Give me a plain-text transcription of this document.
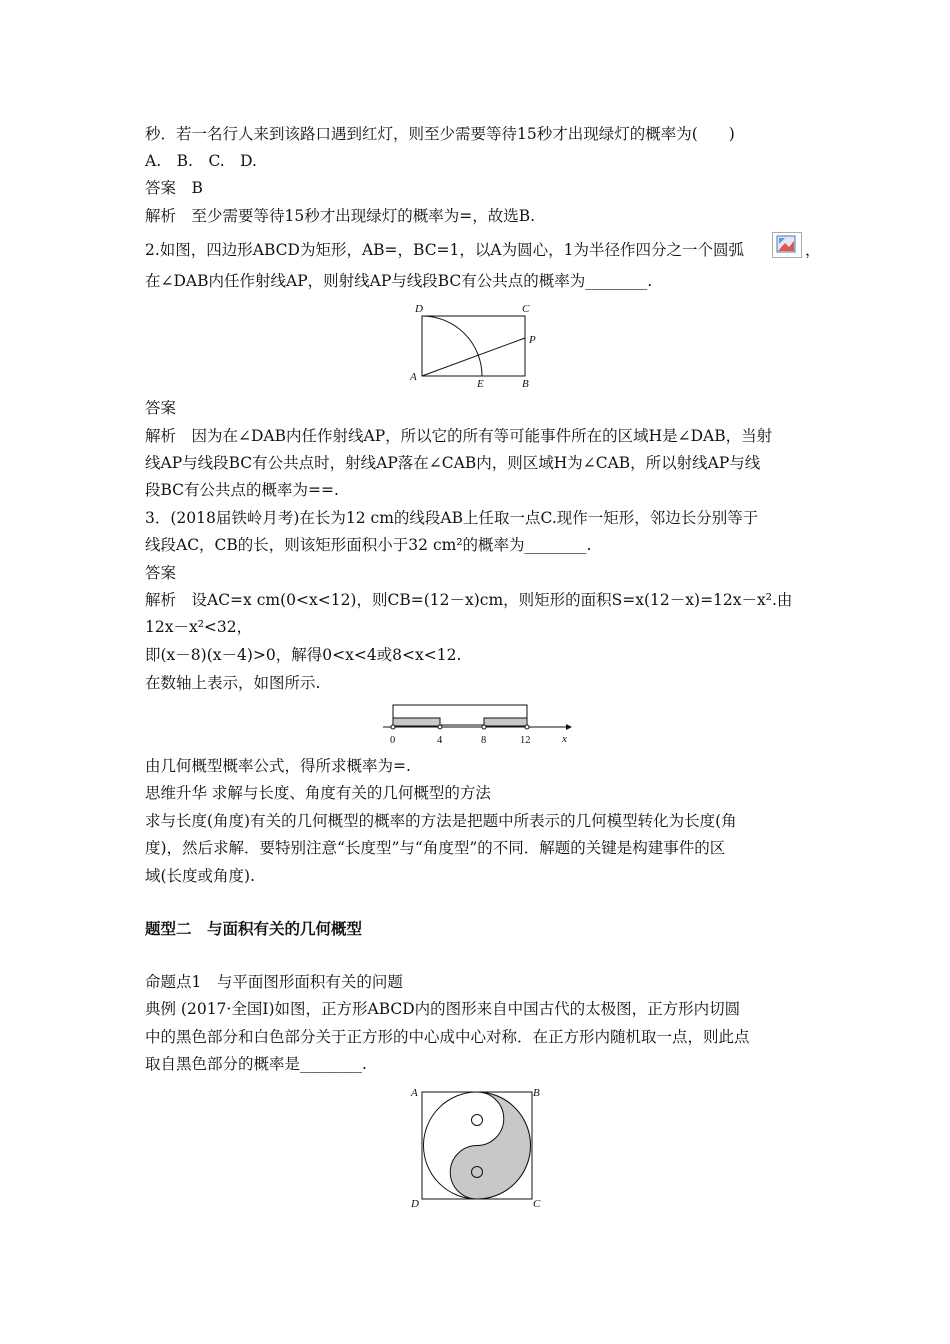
秒．若一名行人来到该路口遇到红灯，则至少需要等待15秒才出现绿灯的概率为(　　)
A.　B.　C.　D.
答案　B
解析　至少需要等待15秒才出现绿灯的概率为=，故选B.
2.如图，四边形ABCD为矩形，AB=，BC=1，以A为圆心，1为半径作四分之一个圆弧	，
在∠DAB内任作射线AP，则射线AP与线段BC有公共点的概率为________.
D	C
P
A
E	B
答案
解析　因为在∠DAB内任作射线AP，所以它的所有等可能事件所在的区域H是∠DAB，当射
线AP与线段BC有公共点时，射线AP落在∠CAB内，则区域H为∠CAB，所以射线AP与线
段BC有公共点的概率为==.
3．(2018届铁岭月考)在长为12 cm的线段AB上任取一点C.现作一矩形，邻边长分别等于
线段AC，CB的长，则该矩形面积小于32 cm²的概率为________.
答案
解析　设AC=x cm(0<x<12)，则CB=(12－x)cm，则矩形的面积S=x(12－x)=12x－x².由
12x－x²<32，
即(x－8)(x－4)>0，解得0<x<4或8<x<12.
在数轴上表示，如图所示.
0	4	8	12	x
由几何概型概率公式，得所求概率为=.
思维升华 求解与长度、角度有关的几何概型的方法
求与长度(角度)有关的几何概型的概率的方法是把题中所表示的几何模型转化为长度(角
度)，然后求解．要特别注意“长度型”与“角度型”的不同．解题的关键是构建事件的区
域(长度或角度).
题型二　与面积有关的几何概型
命题点1　与平面图形面积有关的问题
典例 (2017·全国Ⅰ)如图，正方形ABCD内的图形来自中国古代的太极图，正方形内切圆
中的黑色部分和白色部分关于正方形的中心成中心对称．在正方形内随机取一点，则此点
取自黑色部分的概率是________.
A	B
C
D
